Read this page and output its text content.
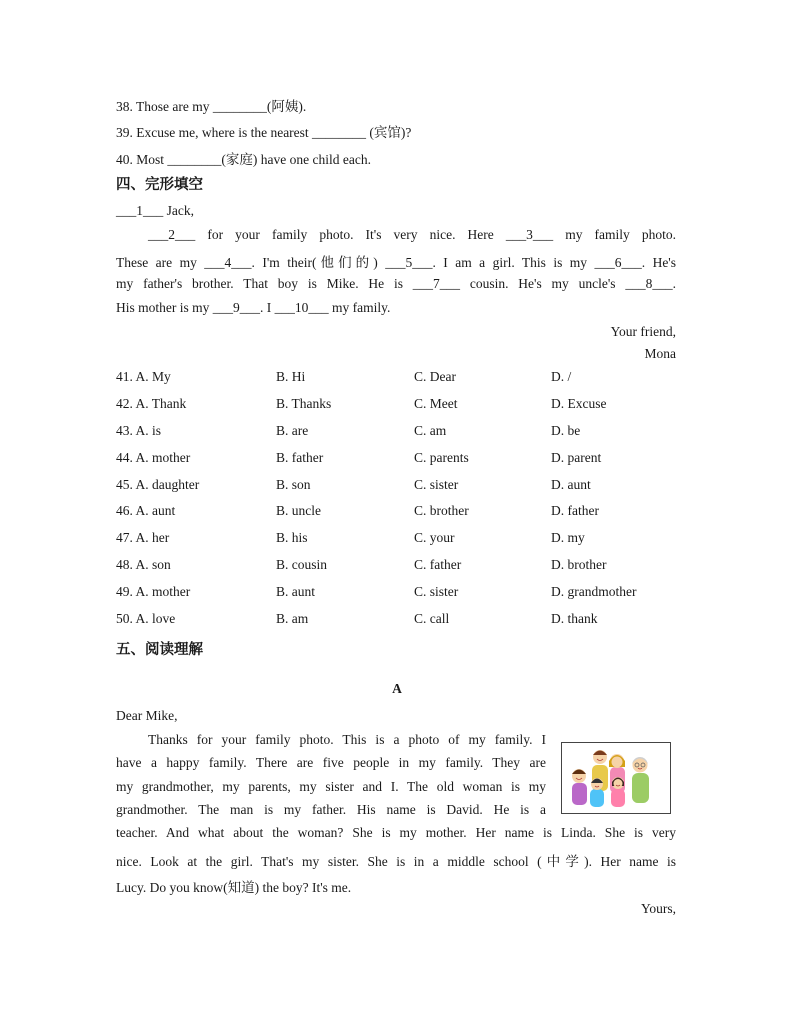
38. Those are my ________(阿姨).
39. Excuse me, where is the nearest ________ (宾馆)?
40. Most ________(家庭) have one child each.
四、完形填空
___1___ Jack,
___2___ for your family photo. It's very nice. Here ___3___ my family photo.
These are my ___4___. I'm their(他们的) ___5___. I am a girl. This is my ___6___. He's
my father's brother. That boy is Mike. He is ___7___ cousin. He's my uncle's ___8___.
His mother is my ___9___. I ___10___ my family.
Your friend,
Mona
41. A. My	B. Hi	C. Dear	D. /
42. A. Thank	B. Thanks	C. Meet	D. Excuse
43. A. is	B. are	C. am	D. be
44. A. mother	B. father	C. parents	D. parent
45. A. daughter	B. son	C. sister	D. aunt
46. A. aunt	B. uncle	C. brother	D. father
47. A. her	B. his	C. your	D. my
48. A. son	B. cousin	C. father	D. brother
49. A. mother	B. aunt	C. sister	D. grandmother
50. A. love	B. am	C. call	D. thank
五、阅读理解
A
Dear Mike,
Thanks for your family photo. This is a photo of my family. I
have a happy family. There are five people in my family. They are
my grandmother, my parents, my sister and I. The old woman is my
grandmother. The man is my father. His name is David. He is a
teacher. And what about the woman? She is my mother. Her name is Linda. She is very
nice. Look at the girl. That's my sister. She is in a middle school (中学). Her name is
Lucy. Do you know(知道) the boy? It's me.
Yours,
